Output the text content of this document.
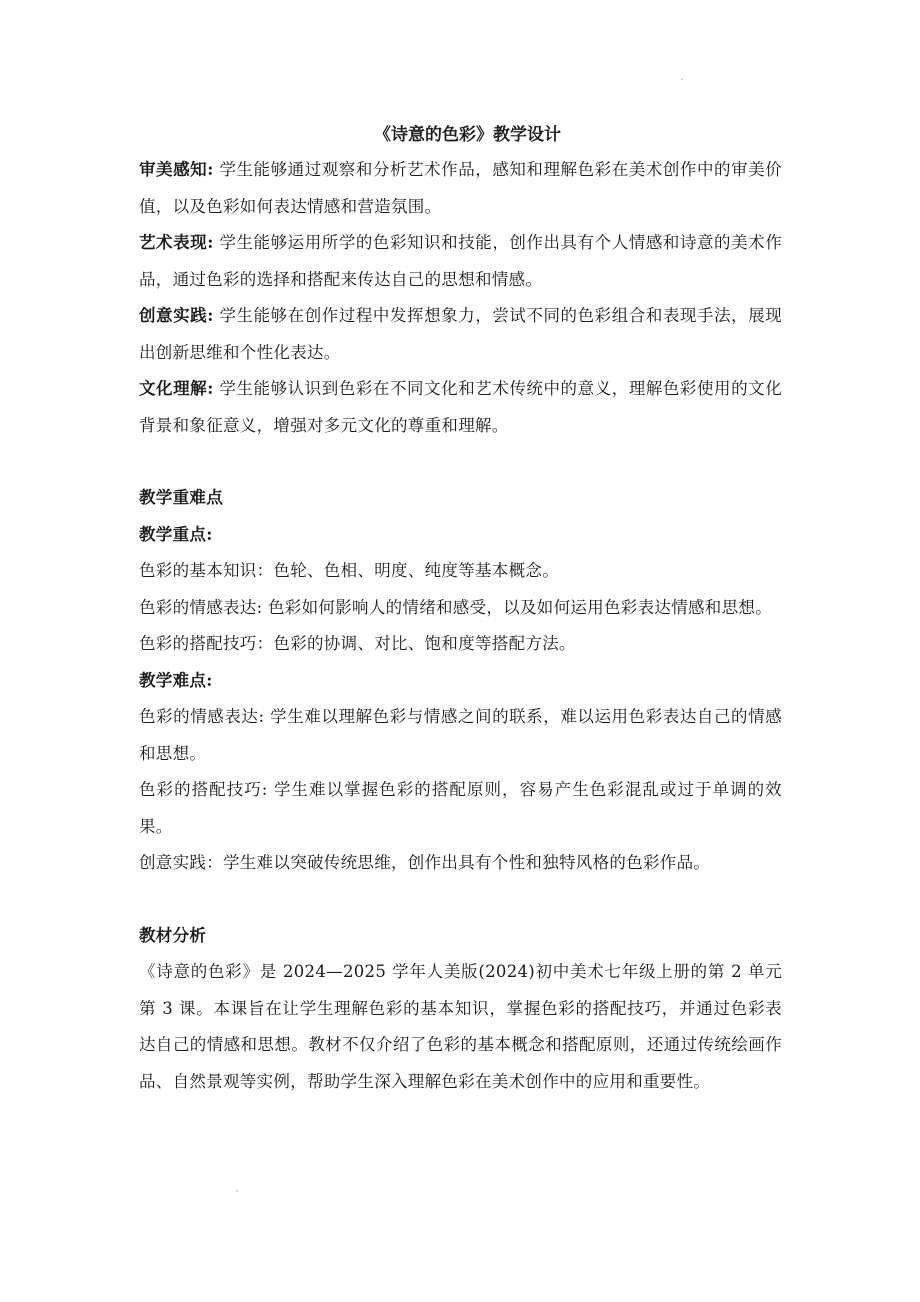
《诗意的色彩》教学设计

审美感知: 学生能够通过观察和分析艺术作品，感知和理解色彩在美术创作中的审美价值，以及色彩如何表达情感和营造氛围。

艺术表现: 学生能够运用所学的色彩知识和技能，创作出具有个人情感和诗意的美术作品，通过色彩的选择和搭配来传达自己的思想和情感。

创意实践: 学生能够在创作过程中发挥想象力，尝试不同的色彩组合和表现手法，展现出创新思维和个性化表达。

文化理解: 学生能够认识到色彩在不同文化和艺术传统中的意义，理解色彩使用的文化背景和象征意义，增强对多元文化的尊重和理解。

教学重难点

教学重点:

色彩的基本知识：色轮、色相、明度、纯度等基本概念。

色彩的情感表达: 色彩如何影响人的情绪和感受，以及如何运用色彩表达情感和思想。

色彩的搭配技巧：色彩的协调、对比、饱和度等搭配方法。

教学难点:

色彩的情感表达: 学生难以理解色彩与情感之间的联系，难以运用色彩表达自己的情感和思想。

色彩的搭配技巧: 学生难以掌握色彩的搭配原则，容易产生色彩混乱或过于单调的效果。

创意实践：学生难以突破传统思维，创作出具有个性和独特风格的色彩作品。

教材分析

《诗意的色彩》是 2024—2025 学年人美版(2024)初中美术七年级上册的第 2 单元第 3 课。本课旨在让学生理解色彩的基本知识，掌握色彩的搭配技巧，并通过色彩表达自己的情感和思想。教材不仅介绍了色彩的基本概念和搭配原则，还通过传统绘画作品、自然景观等实例，帮助学生深入理解色彩在美术创作中的应用和重要性。
